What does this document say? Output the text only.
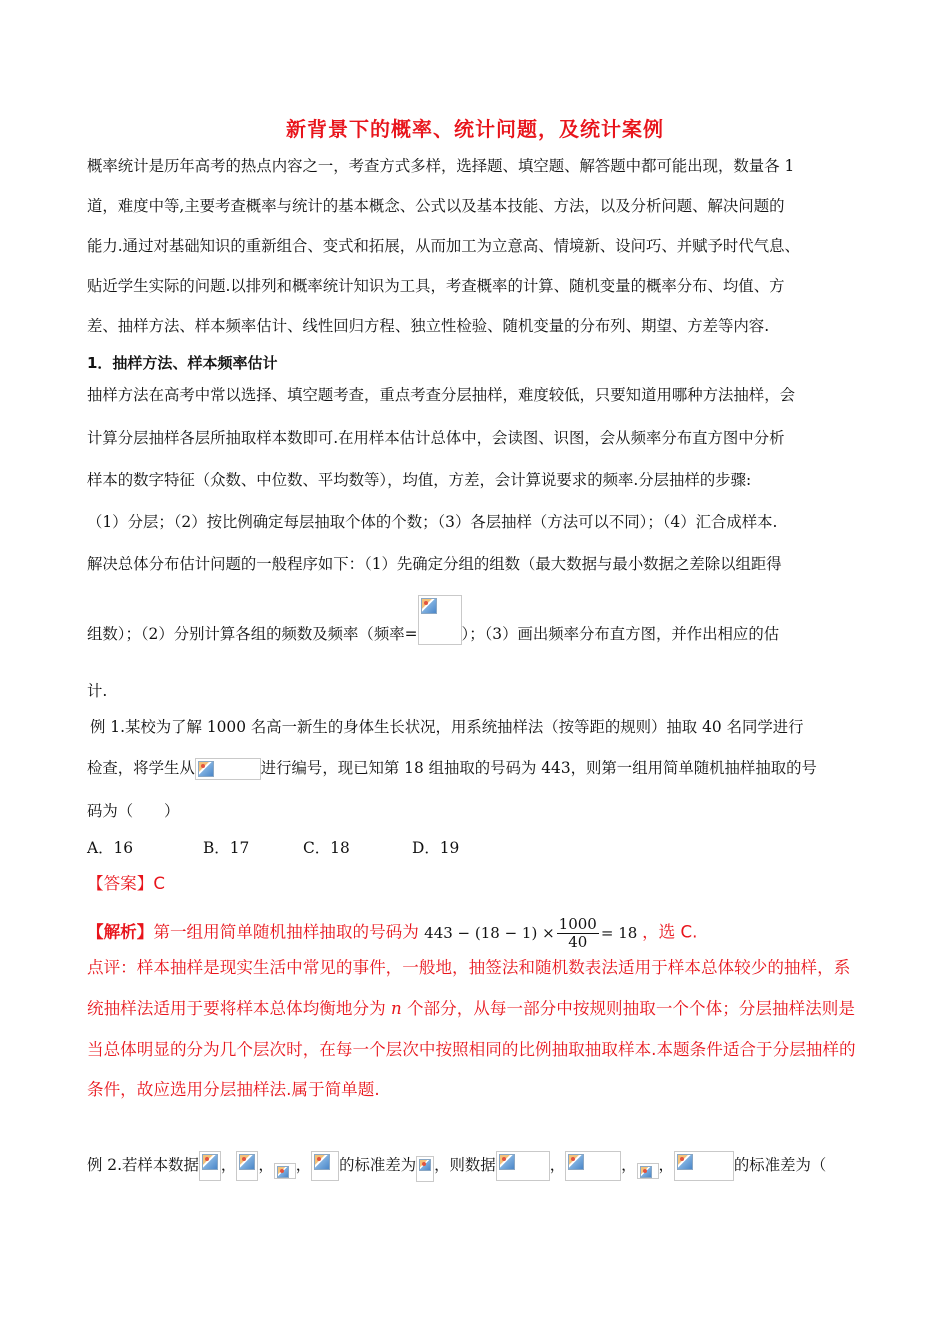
新背景下的概率、统计问题，及统计案例
概率统计是历年高考的热点内容之一，考查方式多样，选择题、填空题、解答题中都可能出现，数量各 1
道，难度中等,主要考查概率与统计的基本概念、公式以及基本技能、方法，以及分析问题、解决问题的
能力.通过对基础知识的重新组合、变式和拓展，从而加工为立意高、情境新、设问巧、并赋予时代气息、
贴近学生实际的问题.以排列和概率统计知识为工具，考查概率的计算、随机变量的概率分布、均值、方
差、抽样方法、样本频率估计、线性回归方程、独立性检验、随机变量的分布列、期望、方差等内容.
1．抽样方法、样本频率估计
抽样方法在高考中常以选择、填空题考查，重点考查分层抽样，难度较低，只要知道用哪种方法抽样，会
计算分层抽样各层所抽取样本数即可.在用样本估计总体中，会读图、识图，会从频率分布直方图中分析
样本的数字特征（众数、中位数、平均数等），均值，方差，会计算说要求的频率.分层抽样的步骤:
（1）分层；（2）按比例确定每层抽取个体的个数；（3）各层抽样（方法可以不同）；（4）汇合成样本.
解决总体分布估计问题的一般程序如下：（1）先确定分组的组数（最大数据与最小数据之差除以组距得
组数）；（2）分别计算各组的频数及频率（频率=	）；（3）画出频率分布直方图，并作出相应的估
计.
例 1.某校为了解 1000 名高一新生的身体生长状况，用系统抽样法（按等距的规则）抽取 40 名同学进行
检查，将学生从	进行编号，现已知第 18 组抽取的号码为 443，则第一组用简单随机抽样抽取的号
码为（　　）
A．16	B．17	C．18	D．19
【答案】C
【解析】第一组用简单随机抽样抽取的号码为 $443 - (18 - 1) \times \frac{1000}{40} = 18$ ，选 C.
点评：样本抽样是现实生活中常见的事件，一般地，抽签法和随机数表法适用于样本总体较少的抽样，系
统抽样法适用于要将样本总体均衡地分为 n 个部分，从每一部分中按规则抽取一个个体；分层抽样法则是
当总体明显的分为几个层次时，在每一个层次中按照相同的比例抽取抽取样本.本题条件适合于分层抽样的
条件，故应选用分层抽样法.属于简单题.
例 2.若样本数据 ， ， ， 的标准差为 ，则数据	，	， ，	的标准差为（
